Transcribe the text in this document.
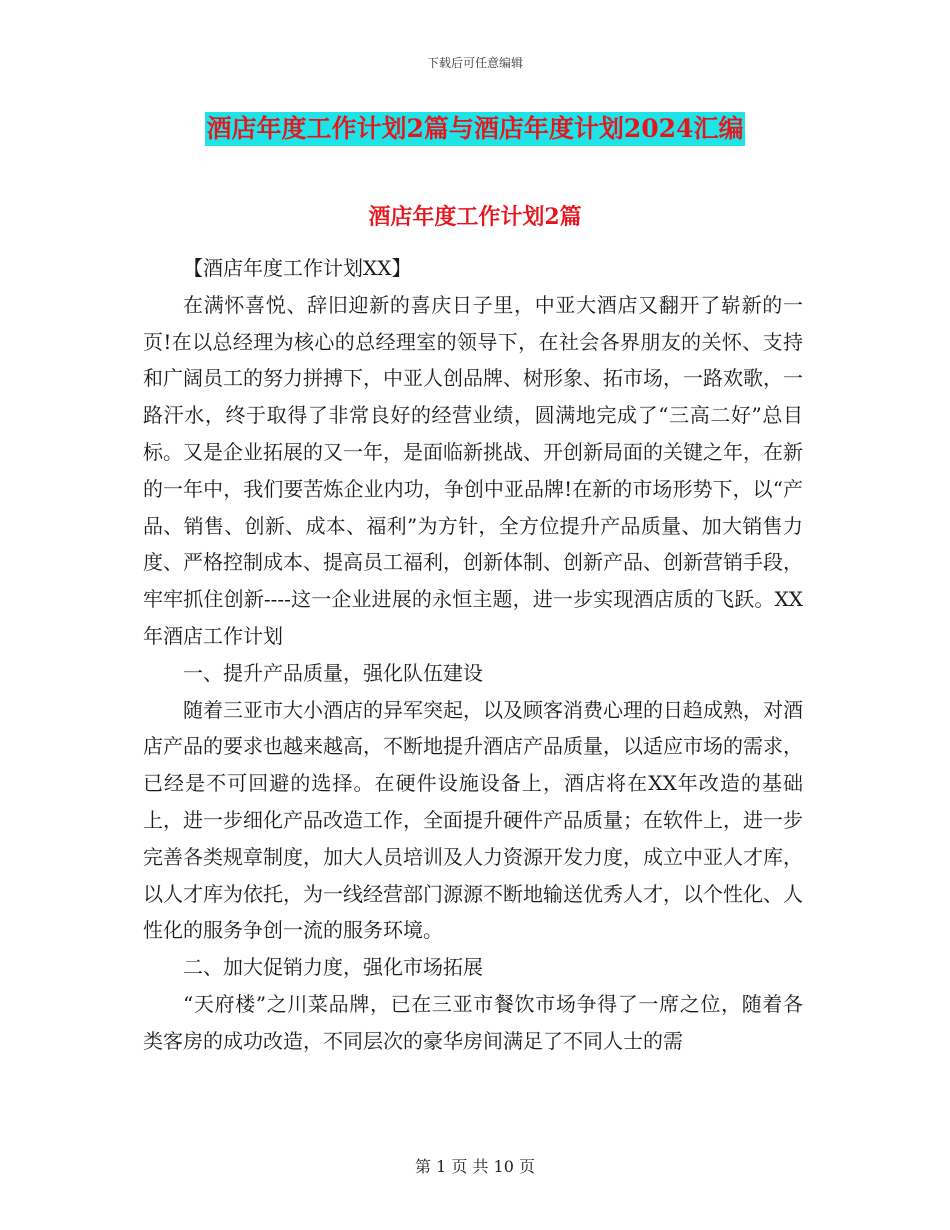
下载后可任意编辑
酒店年度工作计划2篇与酒店年度计划2024汇编
酒店年度工作计划2篇

【酒店年度工作计划XX】

在满怀喜悦、辞旧迎新的喜庆日子里，中亚大酒店又翻开了崭新的一页!在以总经理为核心的总经理室的领导下，在社会各界朋友的关怀、支持和广阔员工的努力拼搏下，中亚人创品牌、树形象、拓市场，一路欢歌，一路汗水，终于取得了非常良好的经营业绩，圆满地完成了“三高二好”总目标。又是企业拓展的又一年，是面临新挑战、开创新局面的关键之年，在新的一年中，我们要苦炼企业内功，争创中亚品牌!在新的市场形势下，以“产品、销售、创新、成本、福利”为方针，全方位提升产品质量、加大销售力度、严格控制成本、提高员工福利，创新体制、创新产品、创新营销手段，牢牢抓住创新----这一企业进展的永恒主题，进一步实现酒店质的飞跃。XX年酒店工作计划

一、提升产品质量，强化队伍建设

随着三亚市大小酒店的异军突起，以及顾客消费心理的日趋成熟，对酒店产品的要求也越来越高，不断地提升酒店产品质量，以适应市场的需求，已经是不可回避的选择。在硬件设施设备上，酒店将在XX年改造的基础上，进一步细化产品改造工作，全面提升硬件产品质量；在软件上，进一步完善各类规章制度，加大人员培训及人力资源开发力度，成立中亚人才库，以人才库为依托，为一线经营部门源源不断地输送优秀人才，以个性化、人性化的服务争创一流的服务环境。

二、加大促销力度，强化市场拓展

“天府楼”之川菜品牌，已在三亚市餐饮市场争得了一席之位，随着各类客房的成功改造，不同层次的豪华房间满足了不同人士的需

第 1 页 共 10 页
